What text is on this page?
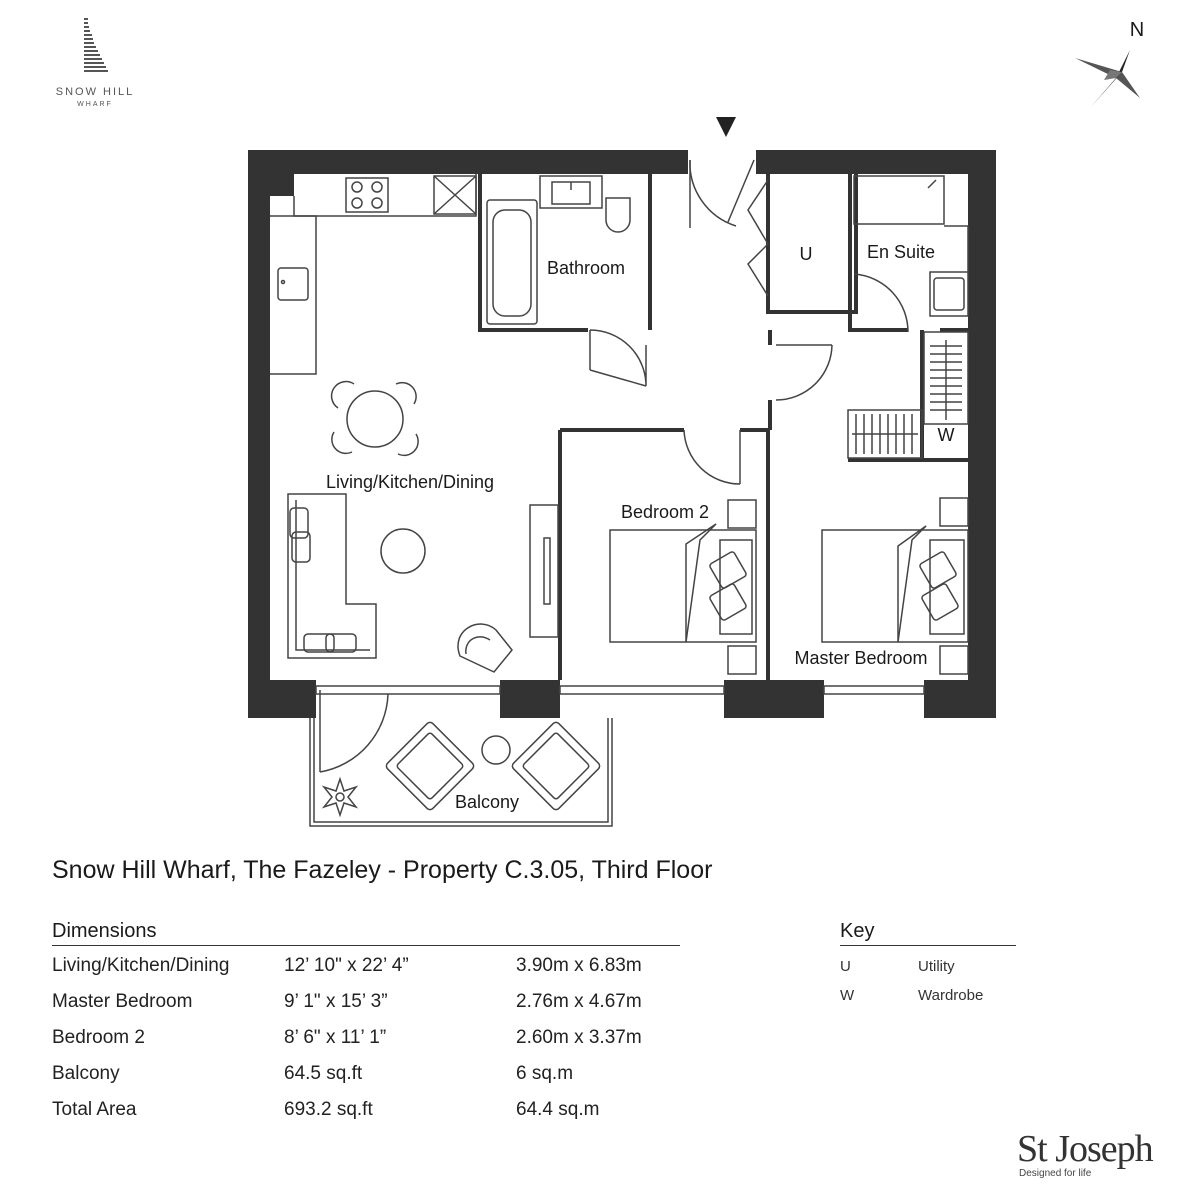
SNOW HILL
WHARF
N
Living/Kitchen/Dining
Bathroom
U	En Suite
W
Bedroom 2
Master Bedroom
Balcony
Snow Hill Wharf, The Fazeley - Property C.3.05, Third Floor
Dimensions
Living/Kitchen/Dining	12’ 10" x 22’ 4”	3.90m x 6.83m
Master Bedroom	9’ 1" x 15’ 3”	2.76m x 4.67m
Bedroom 2	8’ 6" x 11’ 1”	2.60m x 3.37m
Balcony	64.5 sq.ft	6 sq.m
Total Area	693.2 sq.ft	64.4 sq.m
Key
U	Utility
W	Wardrobe
St Joseph
Designed for life
